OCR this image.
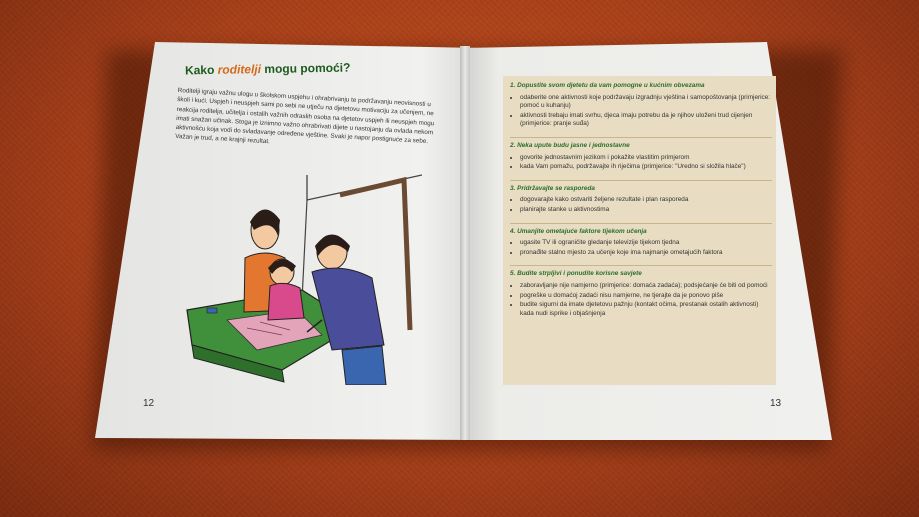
Kako roditelji mogu pomoći?
Roditelji igraju važnu ulogu u školskom uspjehu i ohrabrivanju te podržavanju neovisnosti u školi i kući. Uspjeh i neuspjeh sami po sebi ne utječu na djetetovu motivaciju za učenjem, ne reakcija roditelja, učitelja i ostalih važnih odraslih osoba na djetetov uspjeh ili neuspjeh mogu imati snažan učinak. Stoga je iznimno važno ohrabrivati dijete u nastojanju da ovlada nekom aktivnošću koja vodi do svladavanje određene vještine. Svaki je napor postignuće za sebe. Važan je trud, a ne krajnji rezultat.
1. Dopustite svom djetetu da vam pomogne u kućnim obvezama
• odaberite one aktivnosti koje podržavaju izgradnju vještina i samopoštovanja (primjerice: pomoć u kuhanju)
• aktivnosti trebaju imati svrhu, djeca imaju potrebu da je njihov uloženi trud cijenjen (primjerice: pranje suđa)
2. Neka upute budu jasne i jednostavne
• govorite jednostavnim jezikom i pokažite vlastitim primjerom
• kada Vam pomažu, podržavajte ih riječima (primjerice: "Uredno si složila hlače")
3. Pridržavajte se rasporeda
• dogovarajte kako ostvariti željene rezultate i plan rasporeda
• planirajte stanke u aktivnostima
4. Umanjite ometajuće faktore tijekom učenja
• ugasite TV ili ograničite gledanje televizije tijekom tjedna
• pronađite stalno mjesto za učenje koje ima najmanje ometajućih faktora
5. Budite strpljivi i ponudite korisne savjete
• zaboravljanje nije namjerno (primjerice: domaća zadaća); podsjećanje će biti od pomoći
• pogreške u domaćoj zadaći nisu namjerne, ne tjerajte da je ponovo piše
• budite sigurni da imate djetetovu pažnju (kontakt očima, prestanak ostalih aktivnosti) kada nudi isprike i objašnjenja
12	13
